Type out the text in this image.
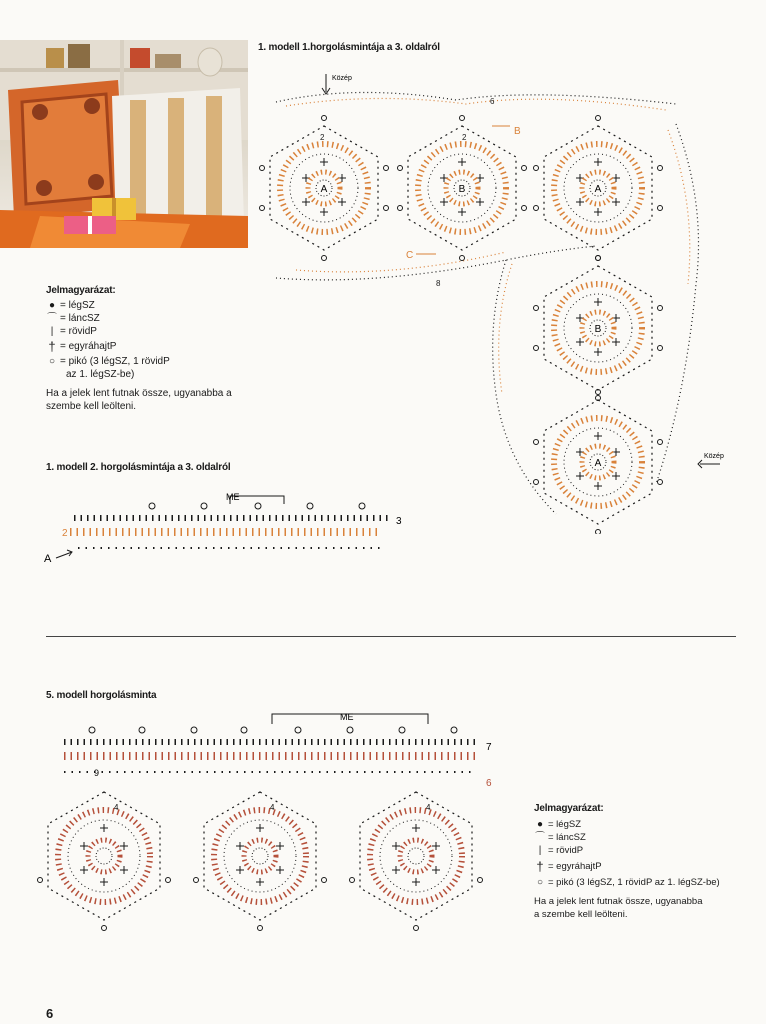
1. modell 1.horgolásmintája a 3. oldalról
A	B	A
B
A
Közép
Közép
B
C
6
2
8
2
Jelmagyarázat:
● = légSZ
⌒ = láncSZ
| = rövidP
† = egyráhajtP
○ = pikó (3 légSZ, 1 rövidP
az 1. légSZ-be)
Ha a jelek lent futnak össze, ugyanabba a
szembe kell leölteni.
1. modell 2. horgolásmintája a 3. oldalról
ME
2
3
A
5. modell horgolásminta
ME
9
7
6
4	4	4	Jelmagyarázat:
● = légSZ
⌒ = láncSZ
| = rövidP
† = egyráhajtP
○ = pikó (3 légSZ, 1 rövidP az 1. légSZ-be)
Ha a jelek lent futnak össze, ugyanabba
a szembe kell leölteni.
6
